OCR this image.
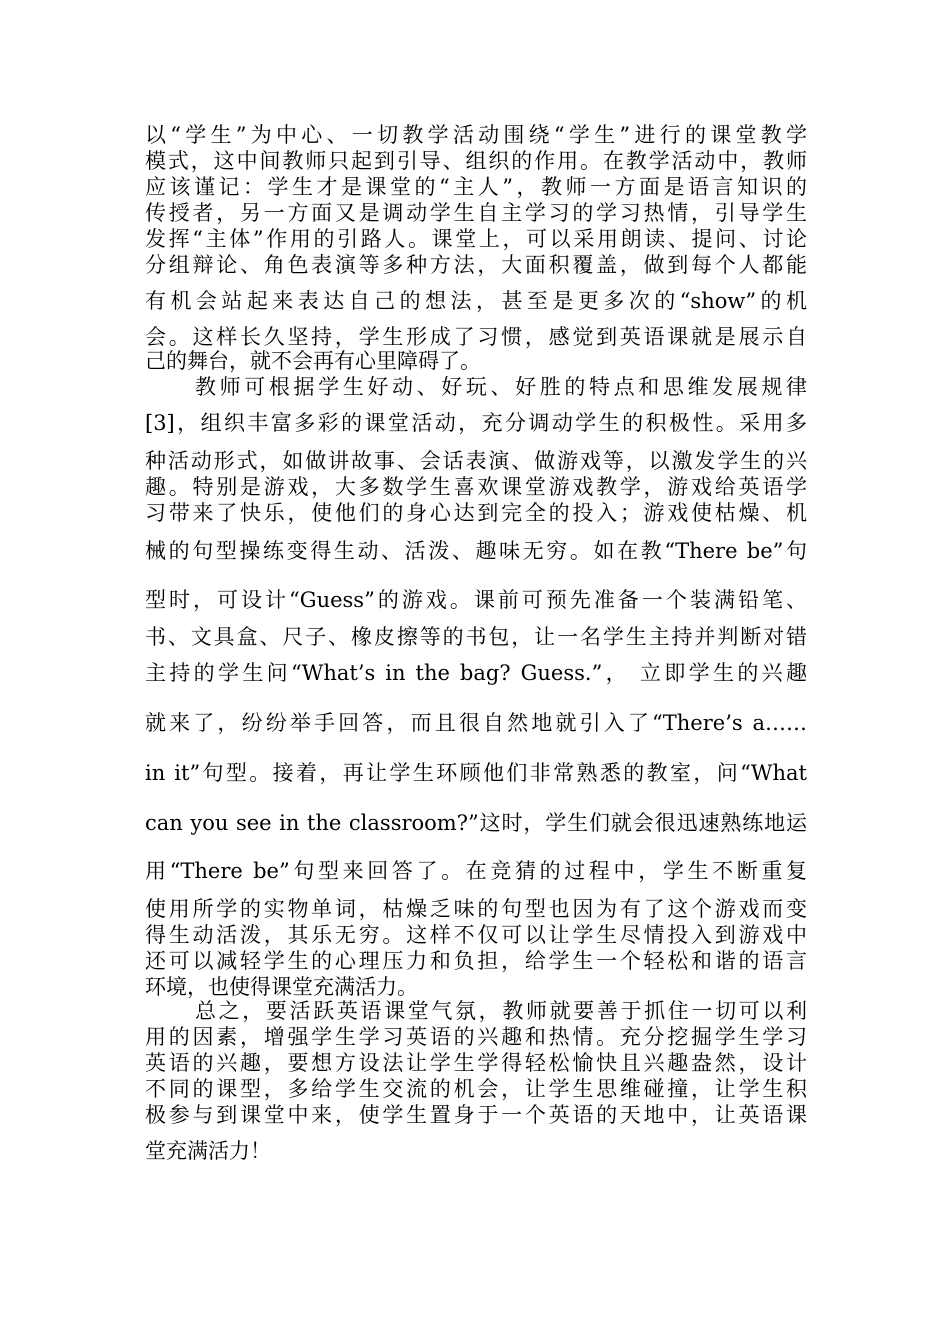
以“学生”为中心、一切教学活动围绕“学生”进行的课堂教学
模式，这中间教师只起到引导、组织的作用。在教学活动中，教师
应该谨记：学生才是课堂的“主人”，教师一方面是语言知识的
传授者，另一方面又是调动学生自主学习的学习热情，引导学生
发挥“主体”作用的引路人。课堂上，可以采用朗读、提问、讨论
分组辩论、角色表演等多种方法，大面积覆盖，做到每个人都能
有机会站起来表达自己的想法，甚至是更多次的“show”的机
会。这样长久坚持，学生形成了习惯，感觉到英语课就是展示自
己的舞台，就不会再有心里障碍了。
教师可根据学生好动、好玩、好胜的特点和思维发展规律
[3]，组织丰富多彩的课堂活动，充分调动学生的积极性。采用多
种活动形式，如做讲故事、会话表演、做游戏等，以激发学生的兴
趣。特别是游戏，大多数学生喜欢课堂游戏教学，游戏给英语学
习带来了快乐，使他们的身心达到完全的投入；游戏使枯燥、机
械的句型操练变得生动、活泼、趣味无穷。如在教“There be”句
型时，可设计“Guess”的游戏。课前可预先准备一个装满铅笔、
书、文具盒、尺子、橡皮擦等的书包，让一名学生主持并判断对错
主持的学生问“What’s in the bag? Guess.”， 立即学生的兴趣
就来了，纷纷举手回答，而且很自然地就引入了“There’s a……
in it”句型。接着，再让学生环顾他们非常熟悉的教室，问“What
can you see in the classroom?”这时，学生们就会很迅速熟练地运
用“There be”句型来回答了。在竞猜的过程中，学生不断重复
使用所学的实物单词，枯燥乏味的句型也因为有了这个游戏而变
得生动活泼，其乐无穷。这样不仅可以让学生尽情投入到游戏中
还可以减轻学生的心理压力和负担，给学生一个轻松和谐的语言
环境，也使得课堂充满活力。
总之，要活跃英语课堂气氛，教师就要善于抓住一切可以利
用的因素，增强学生学习英语的兴趣和热情。充分挖掘学生学习
英语的兴趣，要想方设法让学生学得轻松愉快且兴趣盎然，设计
不同的课型，多给学生交流的机会，让学生思维碰撞，让学生积
极参与到课堂中来，使学生置身于一个英语的天地中，让英语课
堂充满活力！
